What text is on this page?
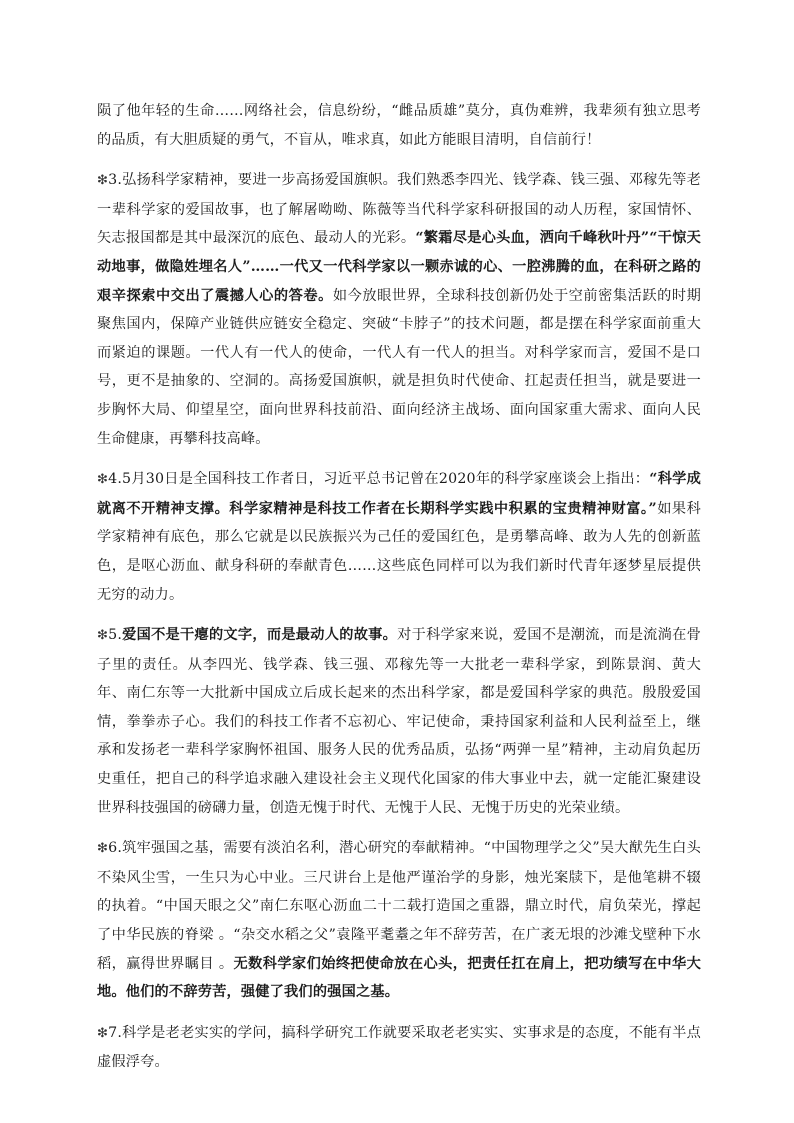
陨了他年轻的生命……网络社会，信息纷纷，“雌品质雄”莫分，真伪难辨，我辈须有独立思考的品质，有大胆质疑的勇气，不盲从，唯求真，如此方能眼目清明，自信前行！

❇3.弘扬科学家精神，要进一步高扬爱国旗帜。我们熟悉李四光、钱学森、钱三强、邓稼先等老一辈科学家的爱国故事，也了解屠呦呦、陈薇等当代科学家科研报国的动人历程，家国情怀、矢志报国都是其中最深沉的底色、最动人的光彩。“繁霜尽是心头血，洒向千峰秋叶丹”“干惊天动地事，做隐姓埋名人”……一代又一代科学家以一颗赤诚的心、一腔沸腾的血，在科研之路的艰辛探索中交出了震撼人心的答卷。如今放眼世界，全球科技创新仍处于空前密集活跃的时期 聚焦国内，保障产业链供应链安全稳定、突破“卡脖子”的技术问题，都是摆在科学家面前重大而紧迫的课题。一代人有一代人的使命，一代人有一代人的担当。对科学家而言，爱国不是口号，更不是抽象的、空洞的。高扬爱国旗帜，就是担负时代使命、扛起责任担当，就是要进一步胸怀大局、仰望星空，面向世界科技前沿、面向经济主战场、面向国家重大需求、面向人民生命健康，再攀科技高峰。

❇4.5月30日是全国科技工作者日，习近平总书记曾在2020年的科学家座谈会上指出：“科学成就离不开精神支撑。科学家精神是科技工作者在长期科学实践中积累的宝贵精神财富。”如果科学家精神有底色，那么它就是以民族振兴为己任的爱国红色，是勇攀高峰、敢为人先的创新蓝色，是呕心沥血、献身科研的奉献青色……这些底色同样可以为我们新时代青年逐梦星辰提供无穷的动力。

❇5.爱国不是干瘪的文字，而是最动人的故事。对于科学家来说，爱国不是潮流，而是流淌在骨子里的责任。从李四光、钱学森、钱三强、邓稼先等一大批老一辈科学家，到陈景润、黄大年、南仁东等一大批新中国成立后成长起来的杰出科学家，都是爱国科学家的典范。殷殷爱国情，拳拳赤子心。我们的科技工作者不忘初心、牢记使命，秉持国家利益和人民利益至上，继承和发扬老一辈科学家胸怀祖国、服务人民的优秀品质，弘扬“两弹一星”精神，主动肩负起历史重任，把自己的科学追求融入建设社会主义现代化国家的伟大事业中去，就一定能汇聚建设世界科技强国的磅礴力量，创造无愧于时代、无愧于人民、无愧于历史的光荣业绩。

❇6.筑牢强国之基，需要有淡泊名利，潜心研究的奉献精神。“中国物理学之父”吴大猷先生白头不染风尘雪，一生只为心中业。三尺讲台上是他严谨治学的身影，烛光案牍下，是他笔耕不辍的执着。“中国天眼之父”南仁东呕心沥血二十二载打造国之重器，鼎立时代，肩负荣光，撑起了中华民族的脊梁 。“杂交水稻之父”袁隆平耄耋之年不辞劳苦，在广袤无垠的沙滩戈壁种下水稻，赢得世界瞩目 。无数科学家们始终把使命放在心头，把责任扛在肩上，把功绩写在中华大地。他们的不辞劳苦，强健了我们的强国之基。

❇7.科学是老老实实的学问，搞科学研究工作就要采取老老实实、实事求是的态度，不能有半点虚假浮夸。
